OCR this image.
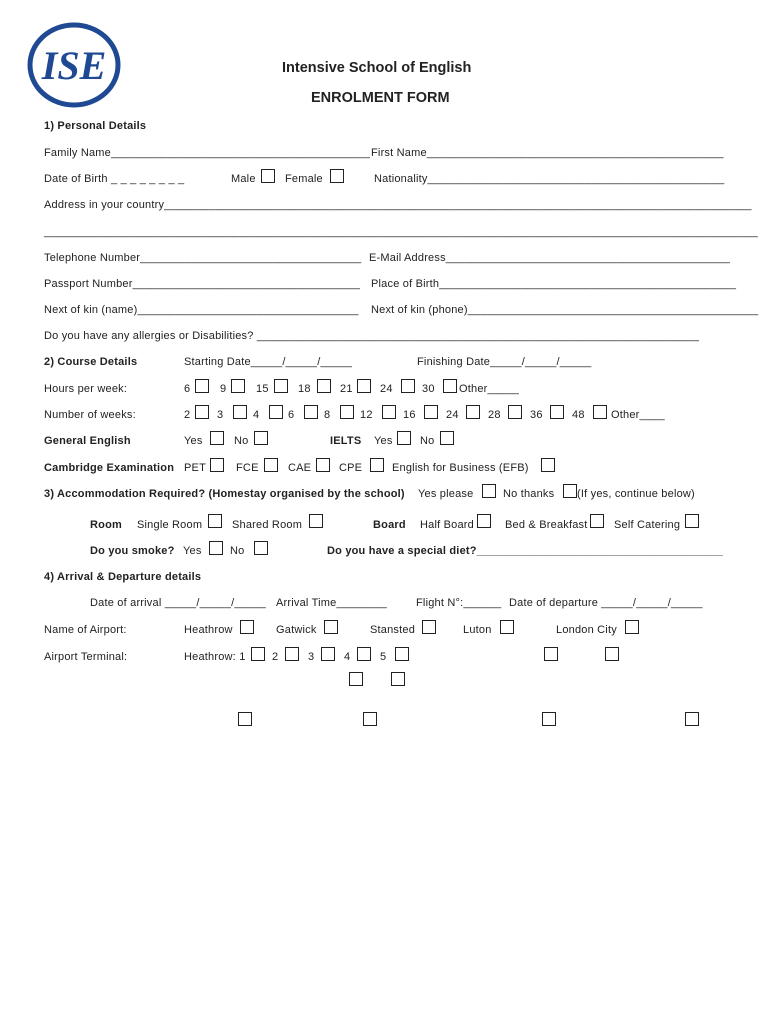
ISE	Intensive School of English
ENROLMENT FORM
1) Personal Details
Family Name_________________________________________ First Name_______________________________________________
Date of Birth _ _ _ _ _ _ _ _	Male	Female	Nationality_______________________________________________
Address in your country_____________________________________________________________________________________________
_________________________________________________________________________________________________________________
Telephone Number___________________________________ E-Mail Address_____________________________________________
Passport Number____________________________________ Place of Birth_______________________________________________
Next of kin (name)___________________________________ Next of kin (phone)______________________________________________
Do you have any allergies or Disabilities? ______________________________________________________________________
2) Course Details	Starting Date_____/_____/_____	Finishing Date_____/_____/_____
Hours per week:	6	9	15	18	21 24	30 Other_____
Number of weeks:	2 3	4	6	8	12	16	24	28	36	48 Other____
General English	Yes	No	IELTS Yes No
Cambridge Examination PET	FCE	CAE	CPE	English for Business (EFB)
3) Accommodation Required? (Homestay organised by the school) Yes please	No thanks (If yes, continue below)
Room Single Room	Shared Room	Board Half Board	Bed & Breakfast Self Catering
Do you smoke? Yes	No	Do you have a special diet?_______________________________________
4) Arrival & Departure details
Date of arrival _____/_____/_____ Arrival Time________	Flight N°:______ Date of departure _____/_____/_____
Name of Airport:	Heathrow	Gatwick	Stansted	Luton	London City
Airport Terminal:	Heathrow: 1 2	3	4	5
